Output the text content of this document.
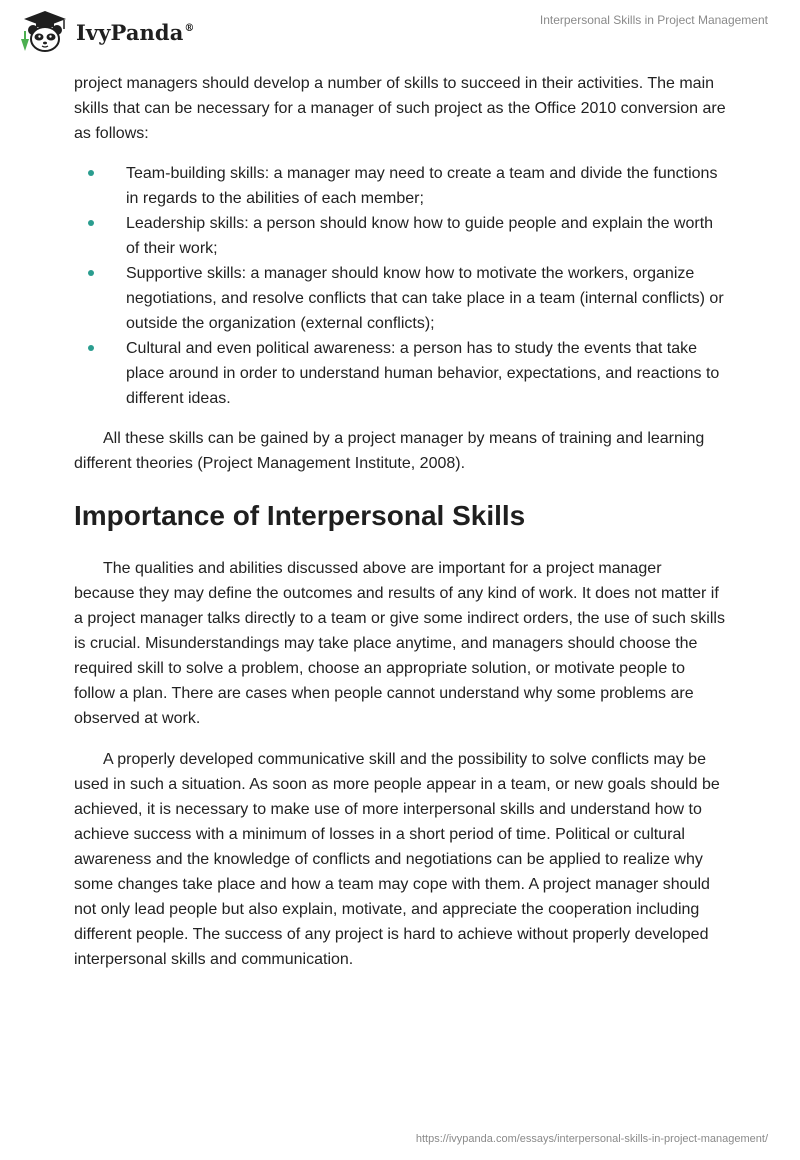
IvyPanda®
Interpersonal Skills in Project Management

project managers should develop a number of skills to succeed in their activities. The main skills that can be necessary for a manager of such project as the Office 2010 conversion are as follows:

Team-building skills: a manager may need to create a team and divide the functions in regards to the abilities of each member;
Leadership skills: a person should know how to guide people and explain the worth of their work;
Supportive skills: a manager should know how to motivate the workers, organize negotiations, and resolve conflicts that can take place in a team (internal conflicts) or outside the organization (external conflicts);
Cultural and even political awareness: a person has to study the events that take place around in order to understand human behavior, expectations, and reactions to different ideas.

All these skills can be gained by a project manager by means of training and learning different theories (Project Management Institute, 2008).

Importance of Interpersonal Skills

The qualities and abilities discussed above are important for a project manager because they may define the outcomes and results of any kind of work. It does not matter if a project manager talks directly to a team or give some indirect orders, the use of such skills is crucial. Misunderstandings may take place anytime, and managers should choose the required skill to solve a problem, choose an appropriate solution, or motivate people to follow a plan. There are cases when people cannot understand why some problems are observed at work.

A properly developed communicative skill and the possibility to solve conflicts may be used in such a situation. As soon as more people appear in a team, or new goals should be achieved, it is necessary to make use of more interpersonal skills and understand how to achieve success with a minimum of losses in a short period of time. Political or cultural awareness and the knowledge of conflicts and negotiations can be applied to realize why some changes take place and how a team may cope with them. A project manager should not only lead people but also explain, motivate, and appreciate the cooperation including different people. The success of any project is hard to achieve without properly developed interpersonal skills and communication.

https://ivypanda.com/essays/interpersonal-skills-in-project-management/
